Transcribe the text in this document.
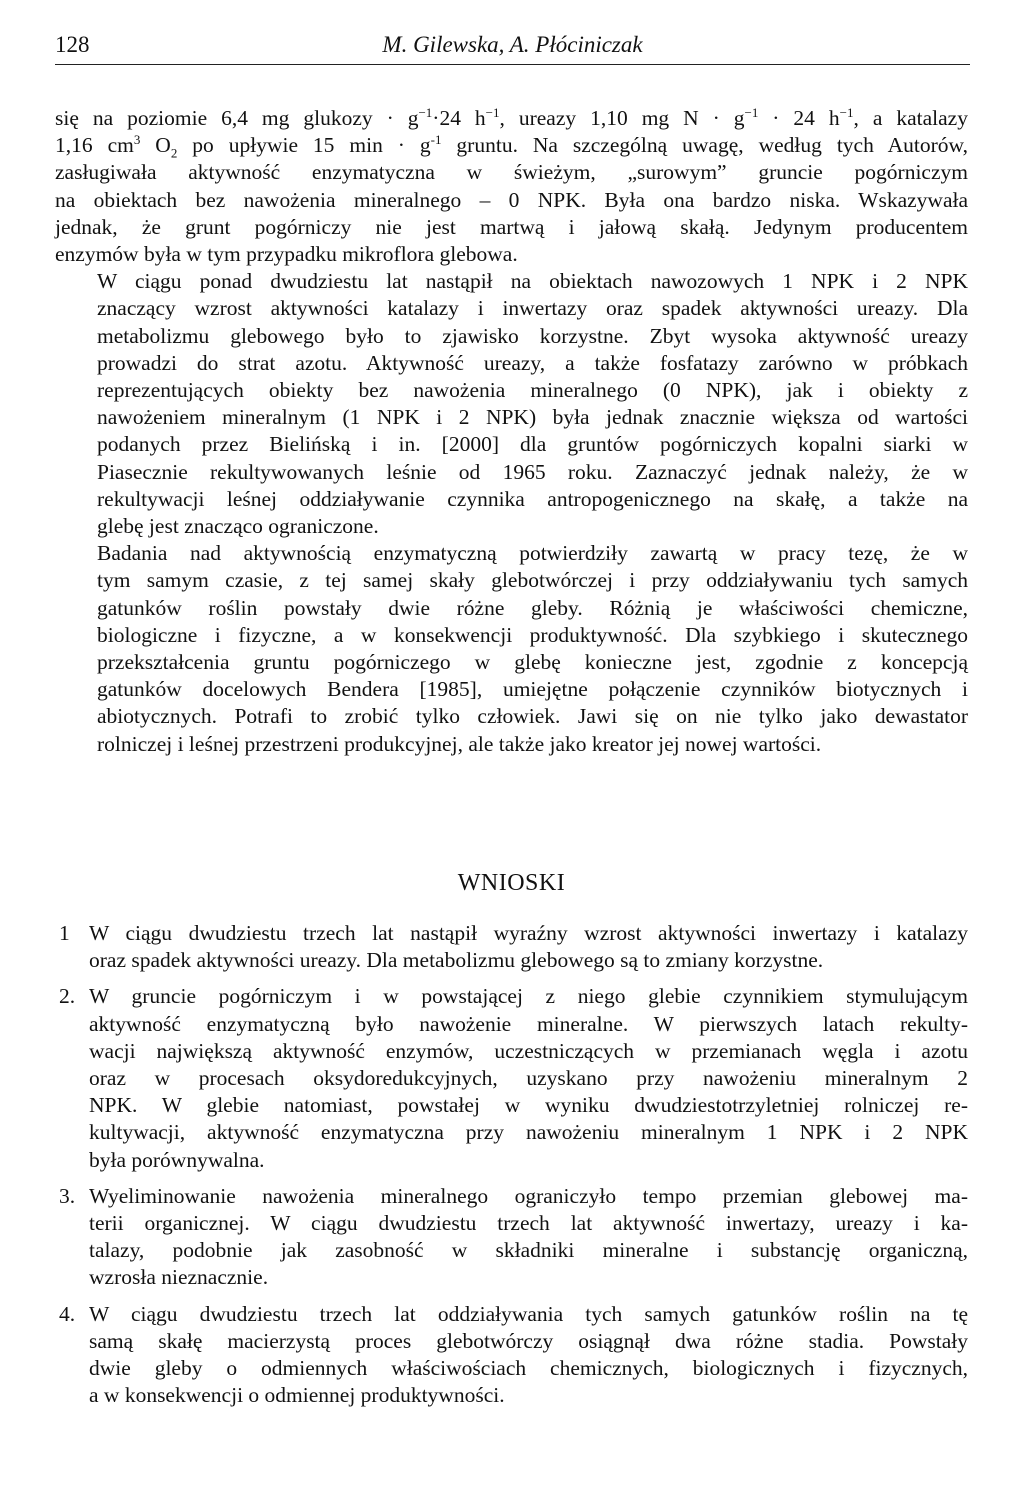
128	M. Gilewska, A. Płóciniczak

się na poziomie 6,4 mg glukozy · $g^{-1}\cdot 24$ $h^{-1}$, ureazy 1,10 mg $N \cdot g^{-1} \cdot 24$ $h^{-1}$, a katalazy
1,16 $cm^3$ $O_2$ po upływie 15 $\min \cdot g^{-1}$ gruntu. Na szczególną uwagę, według tych Autorów,
zasługiwała aktywność enzymatyczna w świeżym, „surowym” gruncie pogórniczym
na obiektach bez nawożenia mineralnego – 0 NPK. Była ona bardzo niska. Wskazywała
jednak, że grunt pogórniczy nie jest martwą i jałową skałą. Jedynym producentem
enzymów była w tym przypadku mikroflora glebowa.

W ciągu ponad dwudziestu lat nastąpił na obiektach nawozowych 1 NPK i 2 NPK
znaczący wzrost aktywności katalazy i inwertazy oraz spadek aktywności ureazy. Dla
metabolizmu glebowego było to zjawisko korzystne. Zbyt wysoka aktywność ureazy
prowadzi do strat azotu. Aktywność ureazy, a także fosfatazy zarówno w próbkach
reprezentujących obiekty bez nawożenia mineralnego (0 NPK), jak i obiekty z
nawożeniem mineralnym (1 NPK i 2 NPK) była jednak znacznie większa od wartości
podanych przez Bielińską i in. [2000] dla gruntów pogórniczych kopalni siarki w
Piasecznie rekultywowanych leśnie od 1965 roku. Zaznaczyć jednak należy, że w
rekultywacji leśnej oddziaływanie czynnika antropogenicznego na skałę, a także na
glebę jest znacząco ograniczone.

Badania nad aktywnością enzymatyczną potwierdziły zawartą w pracy tezę, że w
tym samym czasie, z tej samej skały glebotwórczej i przy oddziaływaniu tych samych
gatunków roślin powstały dwie różne gleby. Różnią je właściwości chemiczne,
biologiczne i fizyczne, a w konsekwencji produktywność. Dla szybkiego i skutecznego
przekształcenia gruntu pogórniczego w glebę konieczne jest, zgodnie z koncepcją
gatunków docelowych Bendera [1985], umiejętne połączenie czynników biotycznych i
abiotycznych. Potrafi to zrobić tylko człowiek. Jawi się on nie tylko jako dewastator
rolniczej i leśnej przestrzeni produkcyjnej, ale także jako kreator jej nowej wartości.

WNIOSKI
1 W ciągu dwudziestu trzech lat nastąpił wyraźny wzrost aktywności inwertazy i katalazy
oraz spadek aktywności ureazy. Dla metabolizmu glebowego są to zmiany korzystne.
2. W gruncie pogórniczym i w powstającej z niego glebie czynnikiem stymulującym
aktywność enzymatyczną było nawożenie mineralne. W pierwszych latach rekulty-
wacji największą aktywność enzymów, uczestniczących w przemianach węgla i azotu
oraz w procesach oksydoredukcyjnych, uzyskano przy nawożeniu mineralnym 2
NPK. W glebie natomiast, powstałej w wyniku dwudziestotrzyletniej rolniczej re-
kultywacji, aktywność enzymatyczna przy nawożeniu mineralnym 1 NPK i 2 NPK
była porównywalna.
3. Wyeliminowanie nawożenia mineralnego ograniczyło tempo przemian glebowej ma-
terii organicznej. W ciągu dwudziestu trzech lat aktywność inwertazy, ureazy i ka-
talazy, podobnie jak zasobność w składniki mineralne i substancję organiczną,
wzrosła nieznacznie.
4. W ciągu dwudziestu trzech lat oddziaływania tych samych gatunków roślin na tę
samą skałę macierzystą proces glebotwórczy osiągnął dwa różne stadia. Powstały
dwie gleby o odmiennych właściwościach chemicznych, biologicznych i fizycznych,
a w konsekwencji o odmiennej produktywności.
